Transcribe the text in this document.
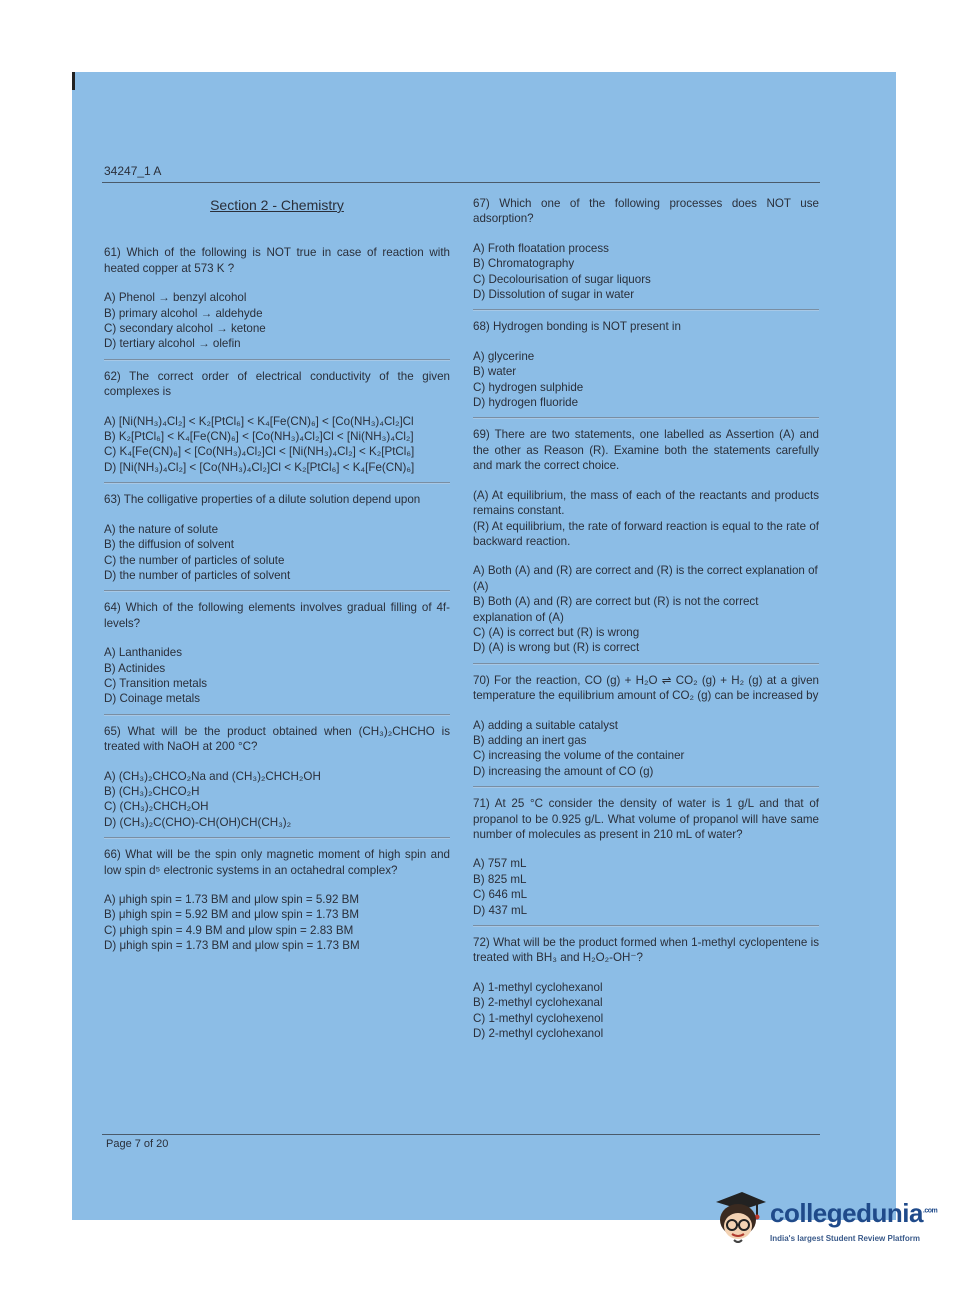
34247_1 A
Section 2 - Chemistry
61) Which of the following is NOT true in case of reaction with heated copper at 573 K ?
A) Phenol → benzyl alcohol
B) primary alcohol → aldehyde
C) secondary alcohol → ketone
D) tertiary alcohol → olefin
62) The correct order of electrical conductivity of the given complexes is
A) [Ni(NH₃)₄Cl₂] < K₂[PtCl₆] < K₄[Fe(CN)₆] < [Co(NH₃)₄Cl₂]Cl
B) K₂[PtCl₆] < K₄[Fe(CN)₆] < [Co(NH₃)₄Cl₂]Cl < [Ni(NH₃)₄Cl₂]
C) K₄[Fe(CN)₆] < [Co(NH₃)₄Cl₂]Cl < [Ni(NH₃)₄Cl₂] < K₂[PtCl₆]
D) [Ni(NH₃)₄Cl₂] < [Co(NH₃)₄Cl₂]Cl < K₂[PtCl₆] < K₄[Fe(CN)₆]
63) The colligative properties of a dilute solution depend upon
A) the nature of solute
B) the diffusion of solvent
C) the number of particles of solute
D) the number of particles of solvent
64) Which of the following elements involves gradual filling of 4f- levels?
A) Lanthanides
B) Actinides
C) Transition metals
D) Coinage metals
65) What will be the product obtained when (CH₃)₂CHCHO is treated with NaOH at 200 °C?
A) (CH₃)₂CHCO₂Na and (CH₃)₂CHCH₂OH
B) (CH₃)₂CHCO₂H
C) (CH₃)₂CHCH₂OH
D) (CH₃)₂C(CHO)-CH(OH)CH(CH₃)₂
66) What will be the spin only magnetic moment of high spin and low spin d⁵ electronic systems in an octahedral complex?
A) μhigh spin = 1.73 BM and μlow spin = 5.92 BM
B) μhigh spin = 5.92 BM and μlow spin = 1.73 BM
C) μhigh spin = 4.9 BM and μlow spin = 2.83 BM
D) μhigh spin = 1.73 BM and μlow spin = 1.73 BM
67) Which one of the following processes does NOT use adsorption?
A) Froth floatation process
B) Chromatography
C) Decolourisation of sugar liquors
D) Dissolution of sugar in water
68) Hydrogen bonding is NOT present in
A) glycerine
B) water
C) hydrogen sulphide
D) hydrogen fluoride
69) There are two statements, one labelled as Assertion (A) and the other as Reason (R). Examine both the statements carefully and mark the correct choice.
(A) At equilibrium, the mass of each of the reactants and products remains constant.
(R) At equilibrium, the rate of forward reaction is equal to the rate of backward reaction.
A) Both (A) and (R) are correct and (R) is the correct explanation of (A)
B) Both (A) and (R) are correct but (R) is not the correct explanation of (A)
C) (A) is correct but (R) is wrong
D) (A) is wrong but (R) is correct
70) For the reaction, CO (g) + H₂O ⇌ CO₂ (g) + H₂ (g) at a given temperature the equilibrium amount of CO₂ (g) can be increased by
A) adding a suitable catalyst
B) adding an inert gas
C) increasing the volume of the container
D) increasing the amount of CO (g)
71) At 25 °C consider the density of water is 1 g/L and that of propanol to be 0.925 g/L. What volume of propanol will have same number of molecules as present in 210 mL of water?
A) 757 mL
B) 825 mL
C) 646 mL
D) 437 mL
72) What will be the product formed when 1-methyl cyclopentene is treated with BH₃ and H₂O₂-OH⁻?
A) 1-methyl cyclohexanol
B) 2-methyl cyclohexanal
C) 1-methyl cyclohexenol
D) 2-methyl cyclohexanol
Page 7 of 20
collegedunia$^{.com}$
India's largest Student Review Platform
